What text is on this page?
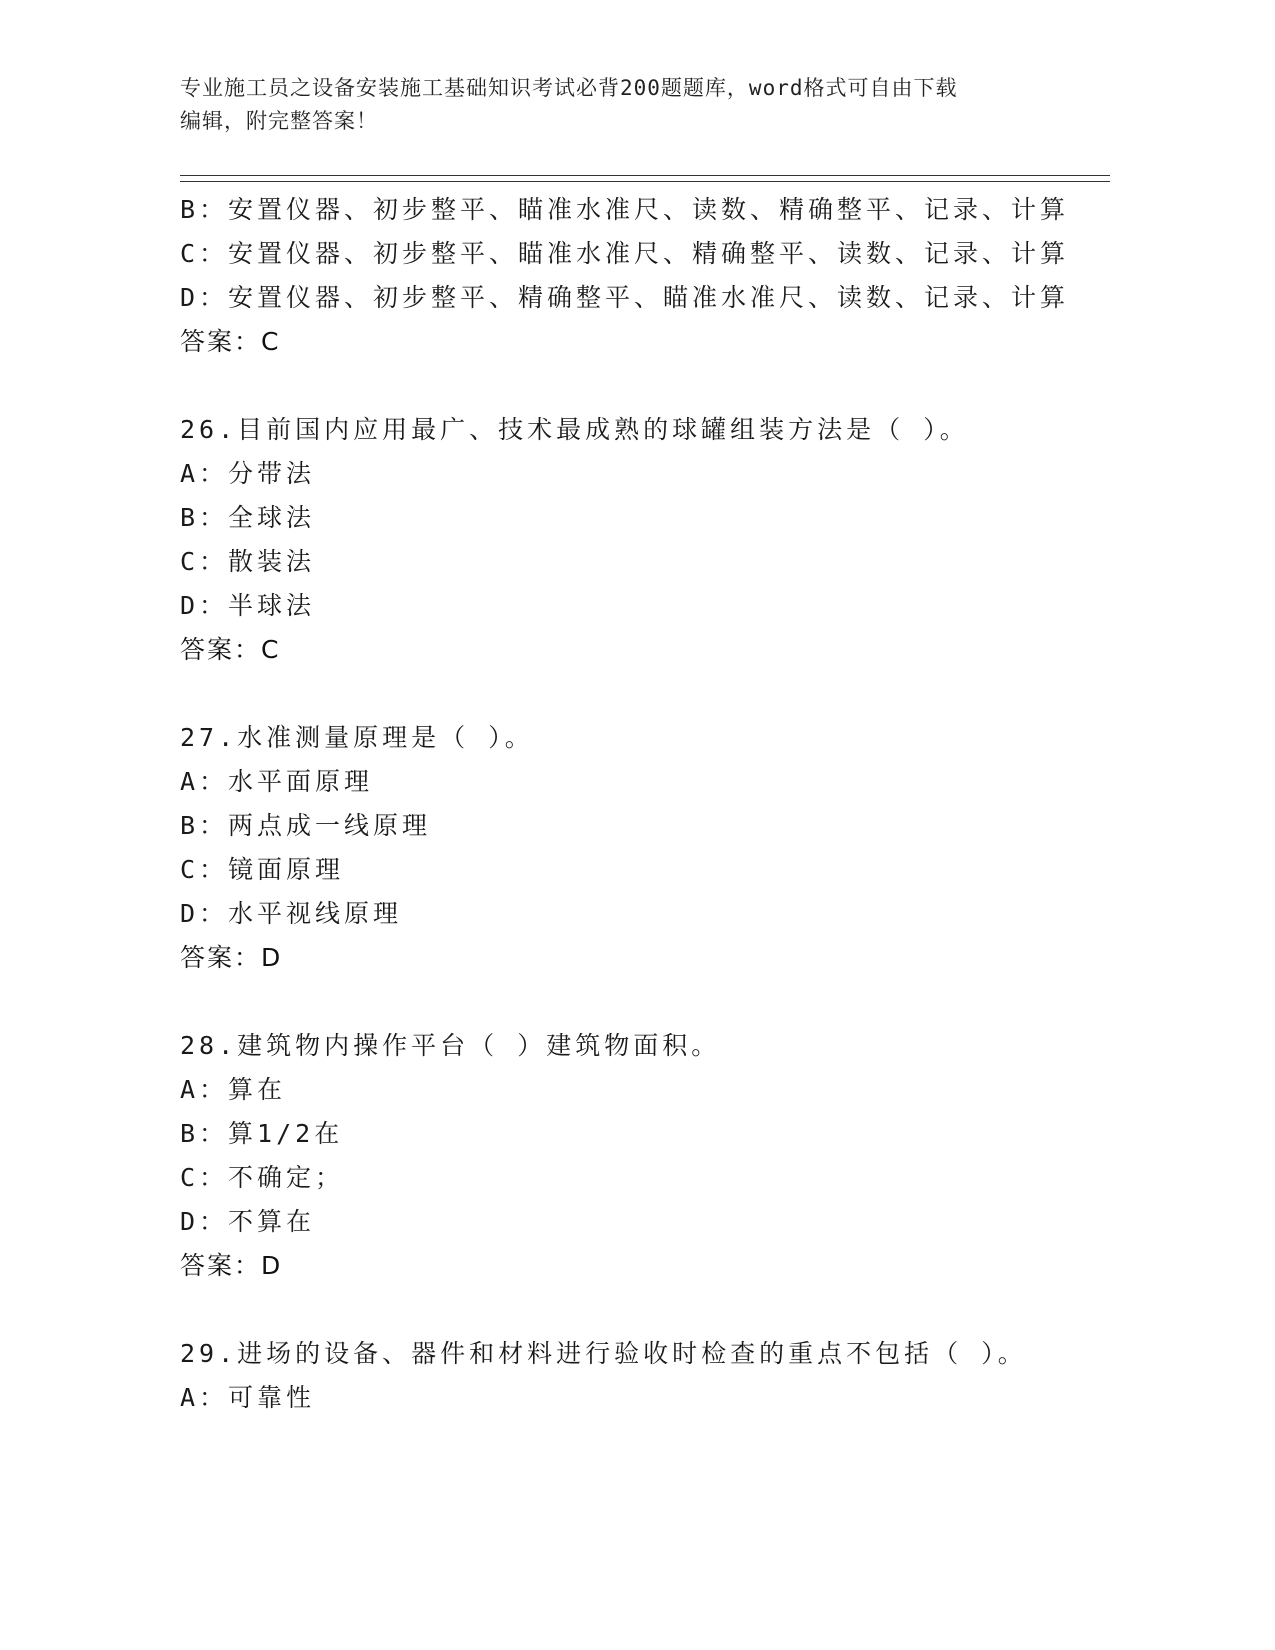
专业施工员之设备安装施工基础知识考试必背200题题库，word格式可自由下载
编辑，附完整答案！
B：安置仪器、初步整平、瞄准水准尺、读数、精确整平、记录、计算
C：安置仪器、初步整平、瞄准水准尺、精确整平、读数、记录、计算
D：安置仪器、初步整平、精确整平、瞄准水准尺、读数、记录、计算
答案：C
26.目前国内应用最广、技术最成熟的球罐组装方法是（ ）。
A：分带法
B：全球法
C：散装法
D：半球法
答案：C
27.水准测量原理是（ ）。
A：水平面原理
B：两点成一线原理
C：镜面原理
D：水平视线原理
答案：D
28.建筑物内操作平台（ ）建筑物面积。
A：算在
B：算1/2在
C：不确定；
D：不算在
答案：D
29.进场的设备、器件和材料进行验收时检查的重点不包括（ ）。
A：可靠性
